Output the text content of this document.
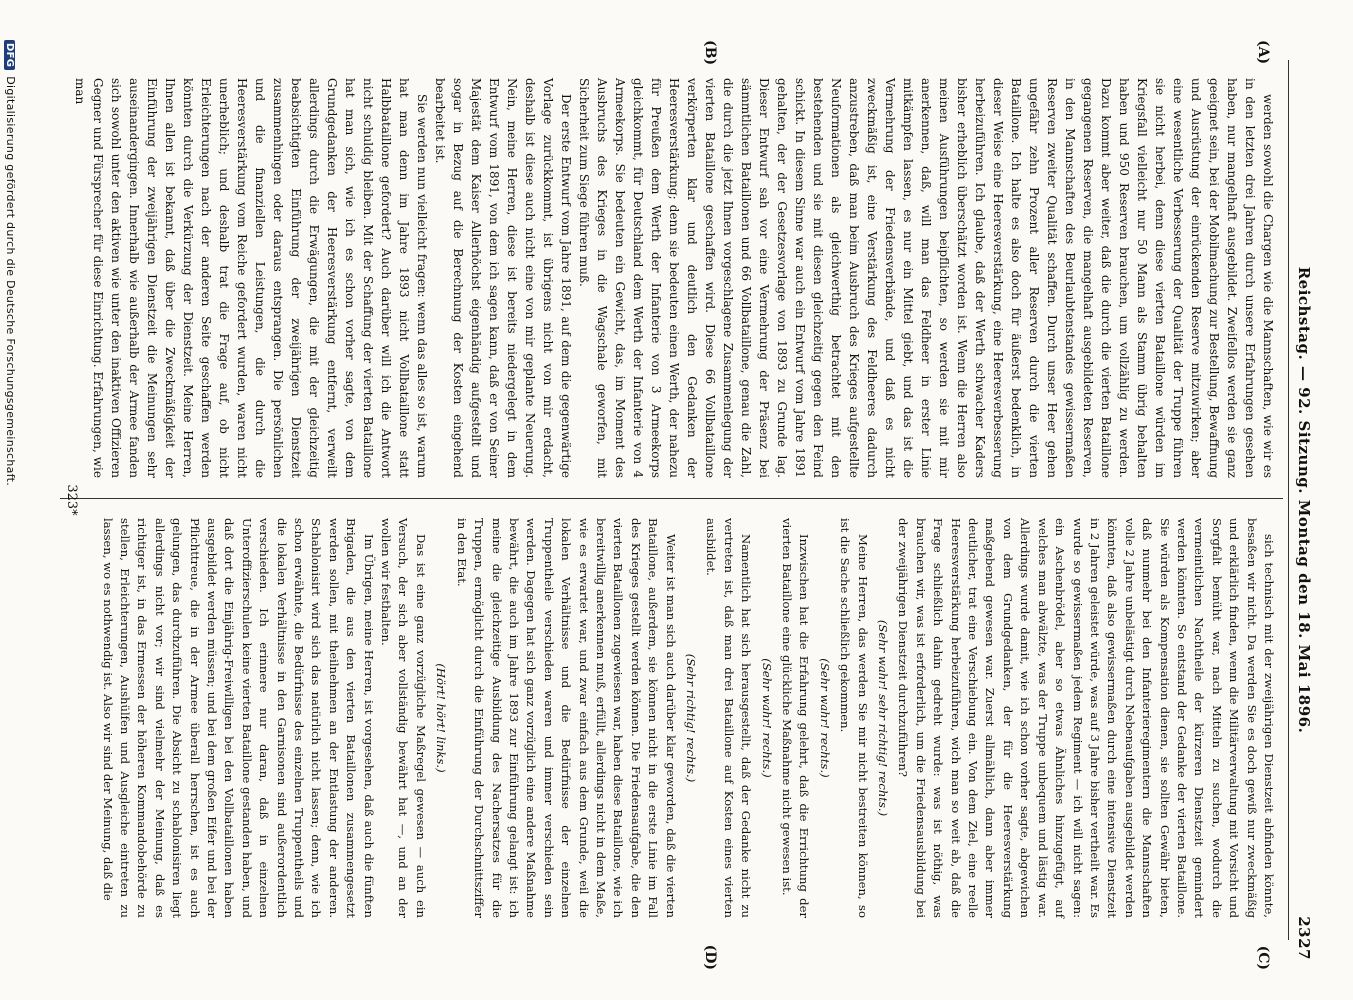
Reichstag. — 92. Sitzung. Montag den 18. Mai 1896.
2327
(A)
(B)
(C)
(D)

werden sowohl die Chargen wie die Mannschaften, wie wir es in den letzten drei Jahren durch unsere Erfahrungen gesehen haben, nur mangelhaft ausgebildet. Zweifellos werden sie ganz geeignet sein, bei der Mobilmachung zur Bestellung, Bewaffnung und Ausrüstung der einrückenden Reserve mitzuwirken; aber eine wesentliche Verbesserung der Qualität der Truppe führen sie nicht herbei, denn diese vierten Bataillone würden im Kriegsfall vielleicht nur 50 Mann als Stamm übrig behalten haben und 950 Reserven brauchen, um vollzählig zu werden. Dazu kommt aber weiter, daß die durch die vierten Bataillone gegangenen Reserven, die mangelhaft ausgebildeten Reserven, in den Mannschaften des Beurlaubtenstandes gewissermaßen Reserven zweiter Qualität schaffen. Durch unser Heer gehen ungefähr zehn Prozent aller Reserven durch die vierten Bataillone. Ich halte es also doch für äußerst bedenklich, in dieser Weise eine Heeresverstärkung, eine Heeresverbesserung herbeizuführen. Ich glaube, daß der Werth schwacher Kaders bisher erheblich überschätzt worden ist. Wenn die Herren also meinen Ausführungen beipflichten, so werden sie mit mir anerkennen, daß, will man das Feldheer in erster Linie mitkämpfen lassen, es nur ein Mittel giebt, und das ist die Vermehrung der Friedensverbände, und daß es nicht zweckmäßig ist, eine Verstärkung des Feldheeres dadurch anzustreben, daß man beim Ausbruch des Krieges aufgestellte Neuformationen als gleichwerthig betrachtet mit den bestehenden und sie mit diesen gleichzeitig gegen den Feind schickt. In diesem Sinne war auch ein Entwurf vom Jahre 1891 gehalten, der der Gesetzesvorlage von 1893 zu Grunde lag. Dieser Entwurf sah vor eine Vermehrung der Präsenz bei sämmtlichen Bataillonen und 66 Vollbataillone, genau die Zahl, die durch die jetzt Ihnen vorgeschlagene Zusammenlegung der vierten Bataillone geschaffen wird. Diese 66 Vollbataillone verkörperten klar und deutlich den Gedanken der Heeresverstärkung; denn sie bedeuten einen Werth, der nahezu für Preußen dem Werth der Infanterie von 3 Armeekorps gleichkommt, für Deutschland dem Werth der Infanterie von 4 Armeekorps. Sie bedeuten ein Gewicht, das, im Moment des Ausbruchs des Krieges in die Wagschale geworfen, mit Sicherheit zum Siege führen muß.

Der erste Entwurf vom Jahre 1891, auf dem die gegenwärtige Vorlage zurückkommt, ist übrigens nicht von mir erdacht, deshalb ist diese auch nicht eine von mir geplante Neuerung. Nein, meine Herren, diese ist bereits niedergelegt in dem Entwurf vom 1891, von dem ich sagen kann, daß er von Seiner Majestät dem Kaiser Allerhöchst eigenhändig aufgestellt und sogar in Bezug auf die Berechnung der Kosten eingehend bearbeitet ist.

Sie werden nun vielleicht fragen: wenn das alles so ist, warum hat man denn im Jahre 1893 nicht Vollbataillone statt Halbbataillone gefordert? Auch darüber will ich die Antwort nicht schuldig bleiben. Mit der Schaffung der vierten Bataillone hat man sich, wie ich es schon vorher sagte, von dem Grundgedanken der Heeresverstärkung entfernt, verweilt allerdings durch die Erwägungen, die mit der gleichzeitig beabsichtigten Einführung der zweijährigen Dienstzeit zusammenhingen oder daraus entsprangen. Die persönlichen und die finanziellen Leistungen, die durch die Heeresverstärkung vom Reiche gefordert wurden, waren nicht unerheblich; und deshalb trat die Frage auf, ob nicht Erleichterungen nach der anderen Seite geschaffen werden könnten durch die Verkürzung der Dienstzeit. Meine Herren, Ihnen allen ist bekannt, daß über die Zweckmäßigkeit der Einführung der zweijährigen Dienstzeit die Meinungen sehr auseinandergingen. Innerhalb wie außerhalb der Armee fanden sich sowohl unter den aktiven wie unter den inaktiven Offizieren Gegner und Fürsprecher für diese Einrichtung. Erfahrungen, wie man

sich technisch mit der zweijährigen Dienstzeit abfinden könnte, besaßen wir nicht. Da werden Sie es doch gewiß nur zweckmäßig und erklärlich finden, wenn die Militärverwaltung mit Vorsicht und Sorgfalt bemüht war, nach Mitteln zu suchen, wodurch die vermeintlichen Nachtheile der kürzeren Dienstzeit gemindert werden könnten. So entstand der Gedanke der vierten Bataillone. Sie würden als Kompensation dienen, sie sollten Gewähr bieten, daß nunmehr bei den Infanterieregimentern die Mannschaften volle 2 Jahre unbelästigt durch Nebenaufgaben ausgebildet werden könnten, daß also gewissermaßen durch eine intensive Dienstzeit in 2 Jahren geleistet würde, was auf 3 Jahre bisher vertheilt war. Es wurde so gewissermaßen jedem Regiment — ich will nicht sagen: ein Aschenbrödel, aber so etwas Ähnliches hinzugefügt, auf welches man abwälzte, was der Truppe unbequem und lästig war. Allerdings wurde damit, wie ich schon vorher sagte, abgewichen von dem Grundgedanken, der für die Heeresverstärkung maßgebend gewesen war. Zuerst allmählich, dann aber immer deutlicher, trat eine Verschiebung ein. Von dem Ziel, eine reelle Heeresverstärkung herbeizuführen, wich man so weit ab, daß die Frage schließlich dahin gedreht wurde: was ist nöthig, was brauchen wir, was ist erforderlich, um die Friedensausbildung bei der zweijährigen Dienstzeit durchzuführen?

(Sehr wahr! sehr richtig! rechts.)

Meine Herren, das werden Sie mir nicht bestreiten können, so ist die Sache schließlich gekommen.

(Sehr wahr! rechts.)

Inzwischen hat die Erfahrung gelehrt, daß die Errichtung der vierten Bataillone eine glückliche Maßnahme nicht gewesen ist.

(Sehr wahr! rechts.)

Namentlich hat sich herausgestellt, daß der Gedanke nicht zu vertreten ist, daß man drei Bataillone auf Kosten eines vierten ausbildet.

(Sehr richtig! rechts.)

Weiter ist man sich auch darüber klar geworden, daß die vierten Bataillone, außerdem, sie können nicht in die erste Linie im Fall des Krieges gestellt werden können. Die Friedensaufgabe, die den vierten Bataillonen zugewiesen war, haben diese Bataillone, wie ich bereitwillig anerkennen muß, erfüllt, allerdings nicht in dem Maße, wie es erwartet war, und zwar einfach aus dem Grunde, weil die lokalen Verhältnisse und die Bedürfnisse der einzelnen Truppentheile verschieden waren und immer verschieden sein werden. Dagegen hat sich ganz vorzüglich eine andere Maßnahme bewährt, die auch im Jahre 1893 zur Einführung gelangt ist: ich meine die gleichzeitige Ausbildung des Nachersatzes für die Truppen, ermöglicht durch die Einführung der Durchschnittsziffer in den Etat.

(Hört! hört! links.)

Das ist eine ganz vorzügliche Maßregel gewesen — auch ein Versuch, der sich aber vollständig bewährt hat —, und an der wollen wir festhalten.

Im Übrigen, meine Herren, ist vorgesehen, daß auch die fünften Brigaden, die aus den vierten Bataillonen zusammengesetzt werden sollen, mit theilnehmen an der Entlastung der anderen. Schablonisirt wird sich das natürlich nicht lassen; denn, wie ich schon erwähnte, die Bedürfnisse des einzelnen Truppentheils und die lokalen Verhältnisse in den Garnisonen sind außerordentlich verschieden. Ich erinnere nur daran, daß in einzelnen Unteroffizierschulen keine vierten Bataillone gestanden haben, und daß dort die Einjährig-Freiwilligen bei den Vollbataillonen haben ausgebildet werden müssen; und bei dem großen Eifer und bei der Pflichttreue, die in der Armee überall herrschen, ist es auch gelungen, das durchzuführen. Die Absicht zu schablonisiren liegt allerdings nicht vor; wir sind vielmehr der Meinung, daß es richtiger ist, in das Ermessen der höheren Kommandobehörde zu stellen, Erleichterungen, Aushülfen und Ausgleiche eintreten zu lassen, wo es nothwendig ist. Also wir sind der Meinung, daß die

323*
DFGDigitalisierung gefördert durch die Deutsche Forschungsgemeinschaft.
